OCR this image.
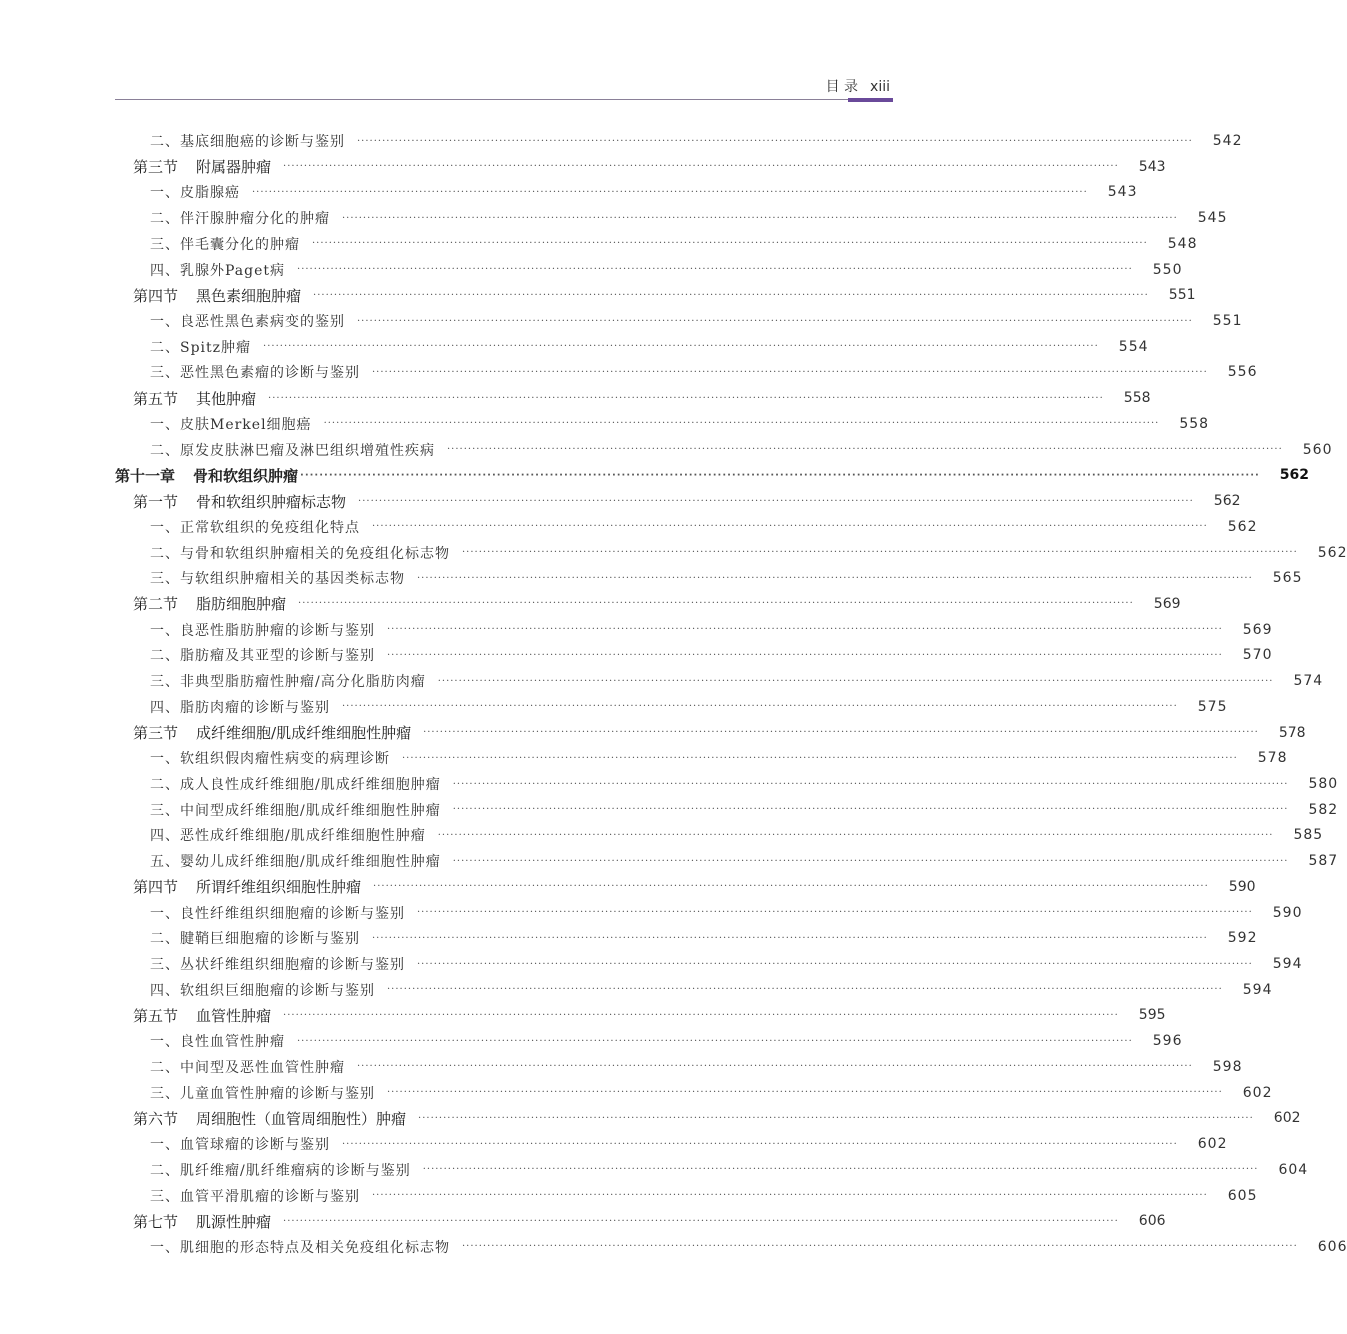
目 录 xiii
二、基底细胞癌的诊断与鉴别 ········································································································································································································	542
第三节 附属器肿瘤 ········································································································································································································	543
一、皮脂腺癌 ········································································································································································································	543
二、伴汗腺肿瘤分化的肿瘤 ········································································································································································································	545
三、伴毛囊分化的肿瘤 ········································································································································································································	548
四、乳腺外Paget病 ········································································································································································································	550
第四节 黑色素细胞肿瘤 ········································································································································································································	551
一、良恶性黑色素病变的鉴别 ········································································································································································································	551
二、Spitz肿瘤 ········································································································································································································	554
三、恶性黑色素瘤的诊断与鉴别 ········································································································································································································	556
第五节 其他肿瘤 ········································································································································································································	558
一、皮肤Merkel细胞癌 ········································································································································································································	558
二、原发皮肤淋巴瘤及淋巴组织增殖性疾病 ········································································································································································································	560
第十一章 骨和软组织肿瘤 ········································································································································································································	562
第一节 骨和软组织肿瘤标志物 ········································································································································································································	562
一、正常软组织的免疫组化特点 ········································································································································································································	562
二、与骨和软组织肿瘤相关的免疫组化标志物 ········································································································································································································	562
三、与软组织肿瘤相关的基因类标志物 ········································································································································································································	565
第二节 脂肪细胞肿瘤 ········································································································································································································	569
一、良恶性脂肪肿瘤的诊断与鉴别 ········································································································································································································	569
二、脂肪瘤及其亚型的诊断与鉴别 ········································································································································································································	570
三、非典型脂肪瘤性肿瘤/高分化脂肪肉瘤 ········································································································································································································	574
四、脂肪肉瘤的诊断与鉴别 ········································································································································································································	575
第三节 成纤维细胞/肌成纤维细胞性肿瘤 ········································································································································································································	578
一、软组织假肉瘤性病变的病理诊断 ········································································································································································································	578
二、成人良性成纤维细胞/肌成纤维细胞肿瘤 ········································································································································································································	580
三、中间型成纤维细胞/肌成纤维细胞性肿瘤 ········································································································································································································	582
四、恶性成纤维细胞/肌成纤维细胞性肿瘤 ········································································································································································································	585
五、婴幼儿成纤维细胞/肌成纤维细胞性肿瘤 ········································································································································································································	587
第四节 所谓纤维组织细胞性肿瘤 ········································································································································································································	590
一、良性纤维组织细胞瘤的诊断与鉴别 ········································································································································································································	590
二、腱鞘巨细胞瘤的诊断与鉴别 ········································································································································································································	592
三、丛状纤维组织细胞瘤的诊断与鉴别 ········································································································································································································	594
四、软组织巨细胞瘤的诊断与鉴别 ········································································································································································································	594
第五节 血管性肿瘤 ········································································································································································································	595
一、良性血管性肿瘤 ········································································································································································································	596
二、中间型及恶性血管性肿瘤 ········································································································································································································	598
三、儿童血管性肿瘤的诊断与鉴别 ········································································································································································································	602
第六节 周细胞性（血管周细胞性）肿瘤 ········································································································································································································	602
一、血管球瘤的诊断与鉴别 ········································································································································································································	602
二、肌纤维瘤/肌纤维瘤病的诊断与鉴别 ········································································································································································································	604
三、血管平滑肌瘤的诊断与鉴别 ········································································································································································································	605
第七节 肌源性肿瘤 ········································································································································································································	606
一、肌细胞的形态特点及相关免疫组化标志物 ········································································································································································································	606
